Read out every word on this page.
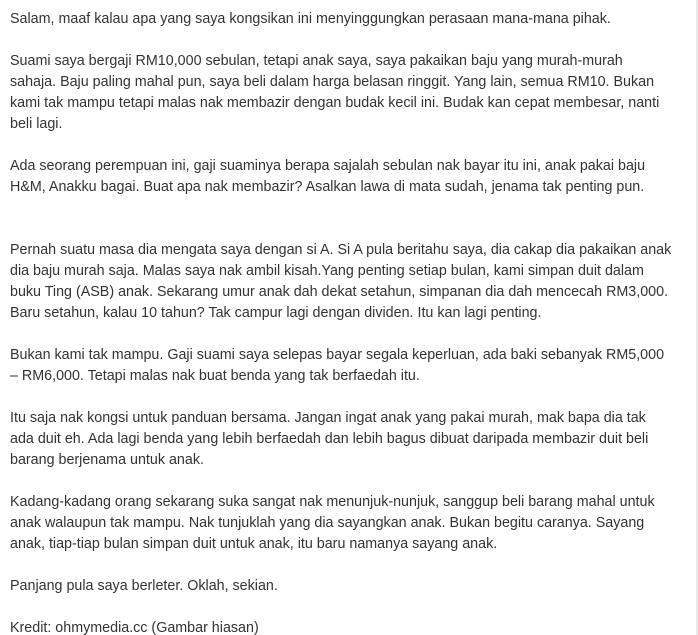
Salam, maaf kalau apa yang saya kongsikan ini menyinggungkan perasaan mana-mana pihak.

Suami saya bergaji RM10,000 sebulan, tetapi anak saya, saya pakaikan baju yang murah-murah sahaja. Baju paling mahal pun, saya beli dalam harga belasan ringgit. Yang lain, semua RM10. Bukan kami tak mampu tetapi malas nak membazir dengan budak kecil ini. Budak kan cepat membesar, nanti beli lagi.

Ada seorang perempuan ini, gaji suaminya berapa sajalah sebulan nak bayar itu ini, anak pakai baju H&M, Anakku bagai. Buat apa nak membazir? Asalkan lawa di mata sudah, jenama tak penting pun.

Pernah suatu masa dia mengata saya dengan si A. Si A pula beritahu saya, dia cakap dia pakaikan anak dia baju murah saja. Malas saya nak ambil kisah.Yang penting setiap bulan, kami simpan duit dalam buku Ting (ASB) anak. Sekarang umur anak dah dekat setahun, simpanan dia dah mencecah RM3,000. Baru setahun, kalau 10 tahun? Tak campur lagi dengan dividen. Itu kan lagi penting.

Bukan kami tak mampu. Gaji suami saya selepas bayar segala keperluan, ada baki sebanyak RM5,000 – RM6,000. Tetapi malas nak buat benda yang tak berfaedah itu.

Itu saja nak kongsi untuk panduan bersama. Jangan ingat anak yang pakai murah, mak bapa dia tak ada duit eh. Ada lagi benda yang lebih berfaedah dan lebih bagus dibuat daripada membazir duit beli barang berjenama untuk anak.

Kadang-kadang orang sekarang suka sangat nak menunjuk-nunjuk, sanggup beli barang mahal untuk anak walaupun tak mampu. Nak tunjuklah yang dia sayangkan anak. Bukan begitu caranya. Sayang anak, tiap-tiap bulan simpan duit untuk anak, itu baru namanya sayang anak.

Panjang pula saya berleter. Oklah, sekian.

Kredit: ohmymedia.cc (Gambar hiasan)
